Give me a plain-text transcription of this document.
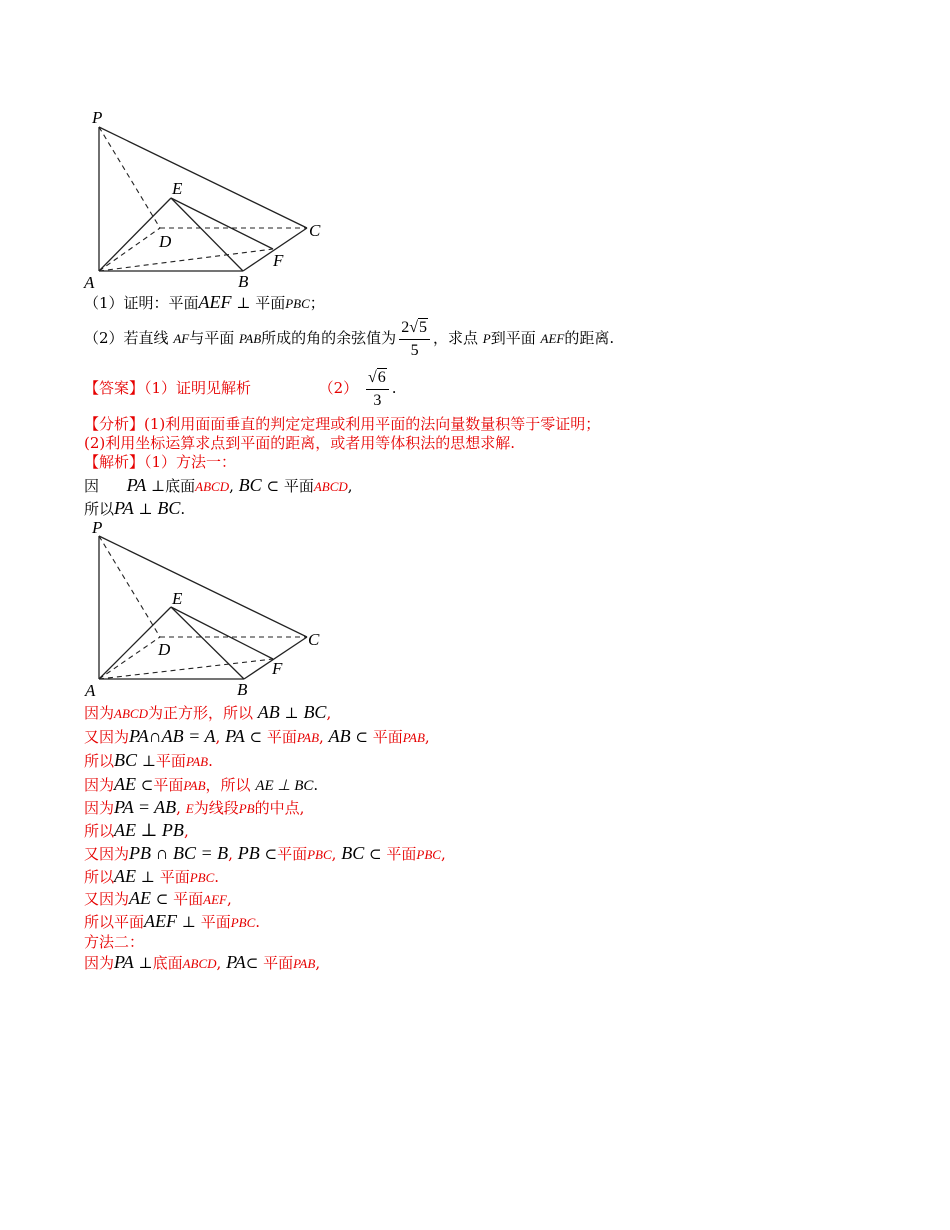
P
E
D
C
A	B
F
（1）证明：平面AEF ⊥ 平面PBC；
（2）若直线 AF与平面 PAB所成的角的余弦值为 $\frac{2√5}{5}$ ，求点 P到平面 AEF的距离.
【答案】（1）证明见解析	$(2) \frac{√6}{3}$ .
【分析】(1)利用面面垂直的判定定理或利用平面的法向量数量积等于零证明；
(2)利用坐标运算求点到平面的距离，或者用等体积法的思想求解.
【解析】（1）方法一：
因 PA ⊥底面ABCD, BC ⊂ 平面ABCD,
所以PA ⊥ BC.
P
E
D
C
A	B
F
因为ABCD为正方形，所以 AB ⊥ BC,
又因为PA∩AB = A, PA ⊂ 平面PAB, AB ⊂ 平面PAB,
所以BC ⊥平面PAB.
因为AE ⊂平面PAB，所以 AE ⊥ BC.
因为PA = AB, E为线段PB的中点,
所以AE ⊥ PB,
又因为PB ∩ BC = B, PB ⊂平面PBC, BC ⊂ 平面PBC,
所以AE ⊥ 平面PBC.
又因为AE ⊂ 平面AEF,
所以平面AEF ⊥ 平面PBC.
方法二：
因为PA ⊥底面ABCD, PA⊂ 平面PAB,
